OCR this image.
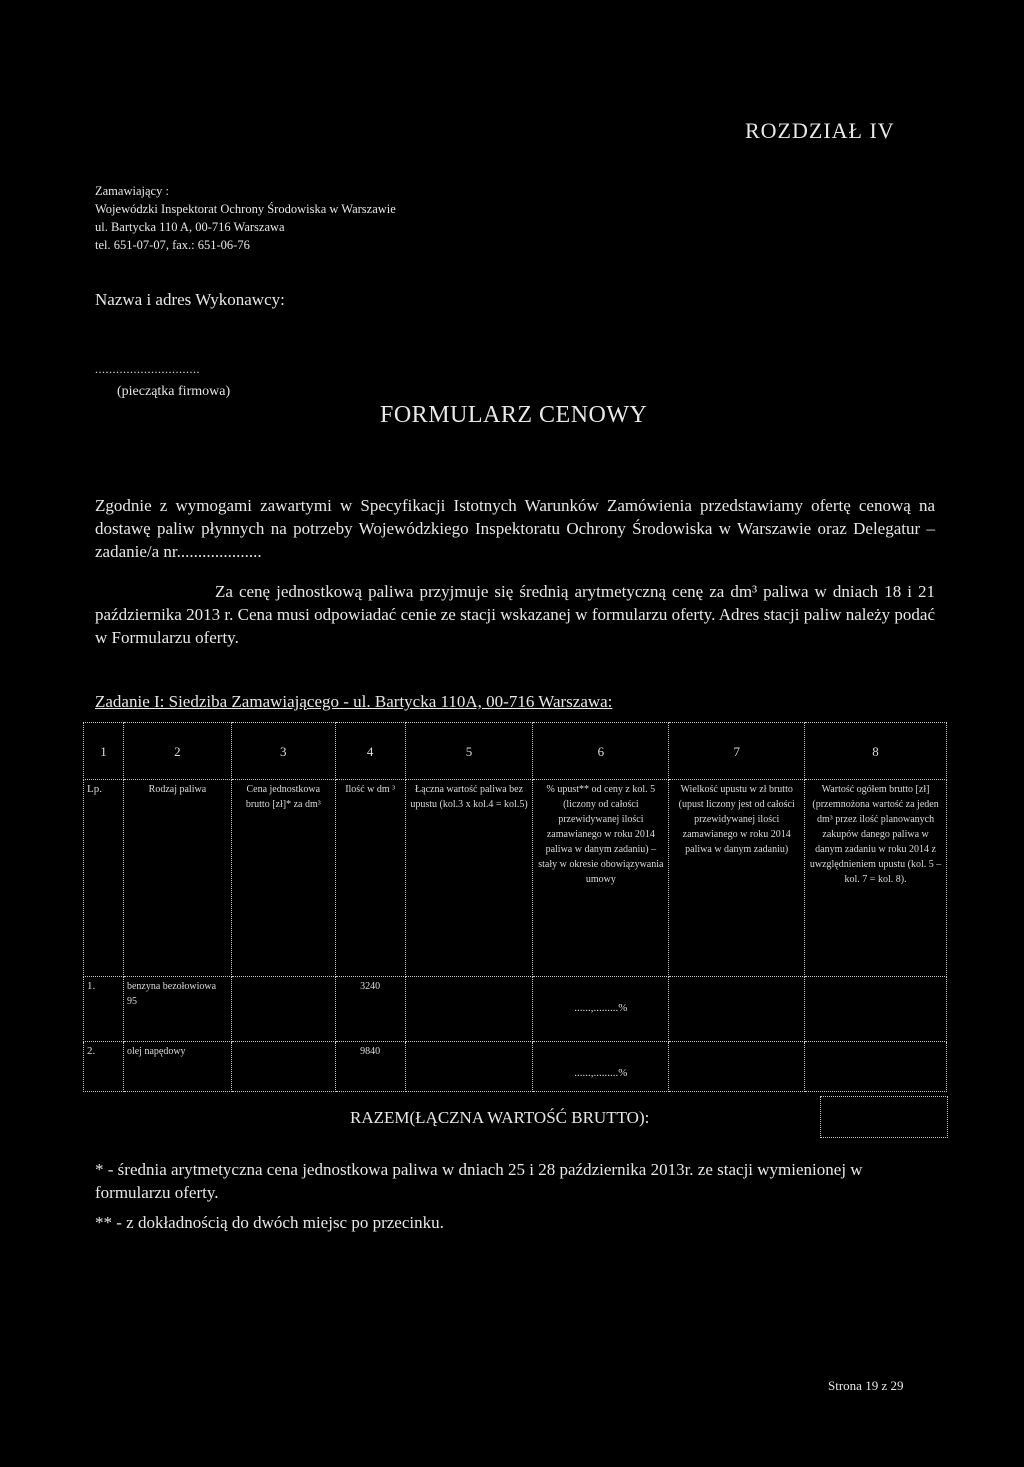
ROZDZIAŁ IV
Zamawiający :
Wojewódzki Inspektorat Ochrony Środowiska w Warszawie
ul. Bartycka 110 A, 00-716 Warszawa
tel. 651-07-07, fax.: 651-06-76
Nazwa i adres Wykonawcy:
..............................
(pieczątka firmowa)
FORMULARZ CENOWY
Zgodnie z wymogami zawartymi w Specyfikacji Istotnych Warunków Zamówienia przedstawiamy ofertę cenową na dostawę paliw płynnych na potrzeby Wojewódzkiego Inspektoratu Ochrony Środowiska w Warszawie oraz Delegatur – zadanie/a nr....................
Za cenę jednostkową paliwa przyjmuje się średnią arytmetyczną cenę za dm³ paliwa w dniach 18 i 21 października 2013 r. Cena musi odpowiadać cenie ze stacji wskazanej w formularzu oferty. Adres stacji paliw należy podać w Formularzu oferty.
Zadanie I: Siedziba Zamawiającego - ul. Bartycka 110A, 00-716 Warszawa:
1	2	3	4	5	6	7	8
Lp.	Rodzaj paliwa	Cena jednostkowa brutto [zł]* za dm³	Ilość w dm ³	Łączna wartość paliwa bez upustu (kol.3 x kol.4 = kol.5)	% upust** od ceny z kol. 5 (liczony od całości przewidywanej ilości zamawianego w roku 2014 paliwa w danym zadaniu) – stały w okresie obowiązywania umowy	Wielkość upustu w zł brutto (upust liczony jest od całości przewidywanej ilości zamawianego w roku 2014 paliwa w danym zadaniu)	Wartość ogółem brutto [zł] (przemnożona wartość za jeden dm³ przez ilość planowanych zakupów danego paliwa w danym zadaniu w roku 2014 z uwzględnieniem upustu (kol. 5 – kol. 7 = kol. 8).
1.	benzyna bezołowiowa 95		3240		......,.........%		

2.	olej napędowy		9840		......,.........%		

RAZEM(ŁĄCZNA WARTOŚĆ BRUTTO):
* - średnia arytmetyczna cena jednostkowa paliwa w dniach 25 i 28 października 2013r. ze stacji wymienionej w formularzu oferty.
** - z dokładnością do dwóch miejsc po przecinku.
Strona 19 z 29
